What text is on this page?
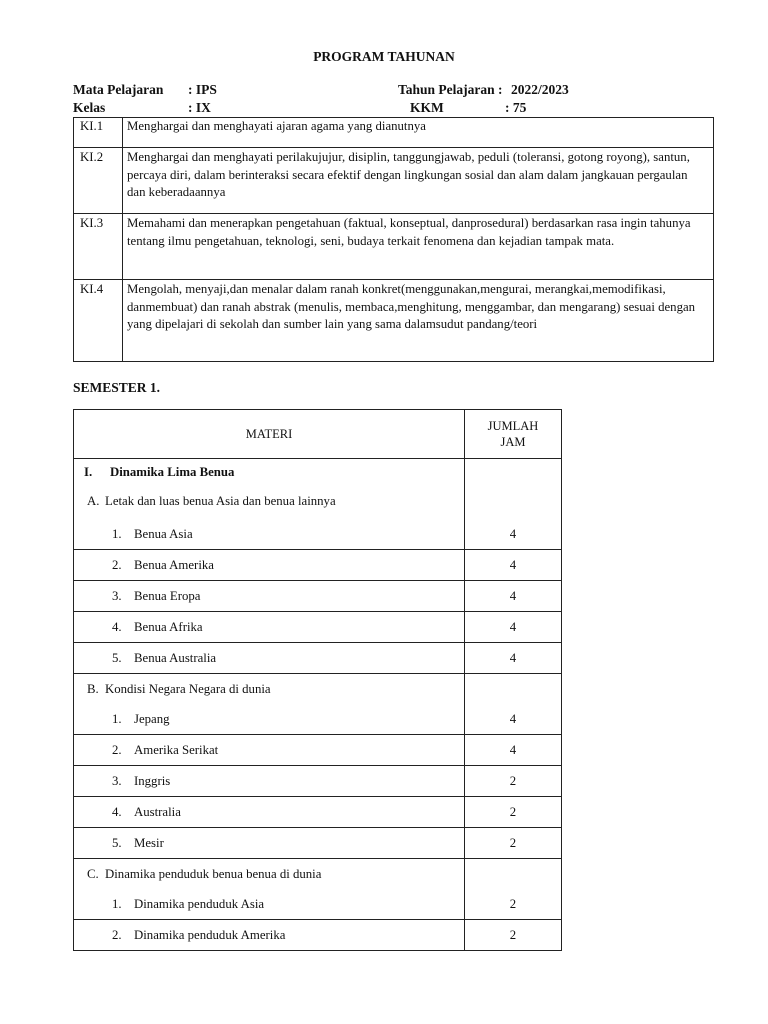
PROGRAM TAHUNAN
Mata Pelajaran : IPS
Kelas	: IX
Tahun Pelajaran : 2022/2023
KKM	: 75
KI.1	Menghargai dan menghayati ajaran agama yang dianutnya
KI.2	Menghargai dan menghayati perilakujujur, disiplin, tanggungjawab, peduli (toleransi, gotong royong), santun, percaya diri, dalam berinteraksi secara efektif dengan lingkungan sosial dan alam dalam jangkauan pergaulan dan keberadaannya
KI.3	Memahami dan menerapkan pengetahuan (faktual, konseptual, danprosedural) berdasarkan rasa ingin tahunya tentang ilmu pengetahuan, teknologi, seni, budaya terkait fenomena dan kejadian tampak mata.
KI.4	Mengolah, menyaji,dan menalar dalam ranah konkret(menggunakan,mengurai, merangkai,memodifikasi, danmembuat) dan ranah abstrak (menulis, membaca,menghitung, menggambar, dan mengarang) sesuai dengan yang dipelajari di sekolah dan sumber lain yang sama dalamsudut pandang/teori
SEMESTER 1.
MATERI	JUMLAH
JAM

I. Dinamika Lima Benua
A. Letak dan luas benua Asia dan benua lainnya
1. Benua Asia	4

2. Benua Amerika	4

3. Benua Eropa	4

4. Benua Afrika	4

5. Benua Australia	4

B. Kondisi Negara Negara di dunia
1. Jepang	4

2. Amerika Serikat	4

3. Inggris	2

4. Australia	2

5. Mesir	2

C. Dinamika penduduk benua benua di dunia
1. Dinamika penduduk Asia	2

2. Dinamika penduduk Amerika	2
